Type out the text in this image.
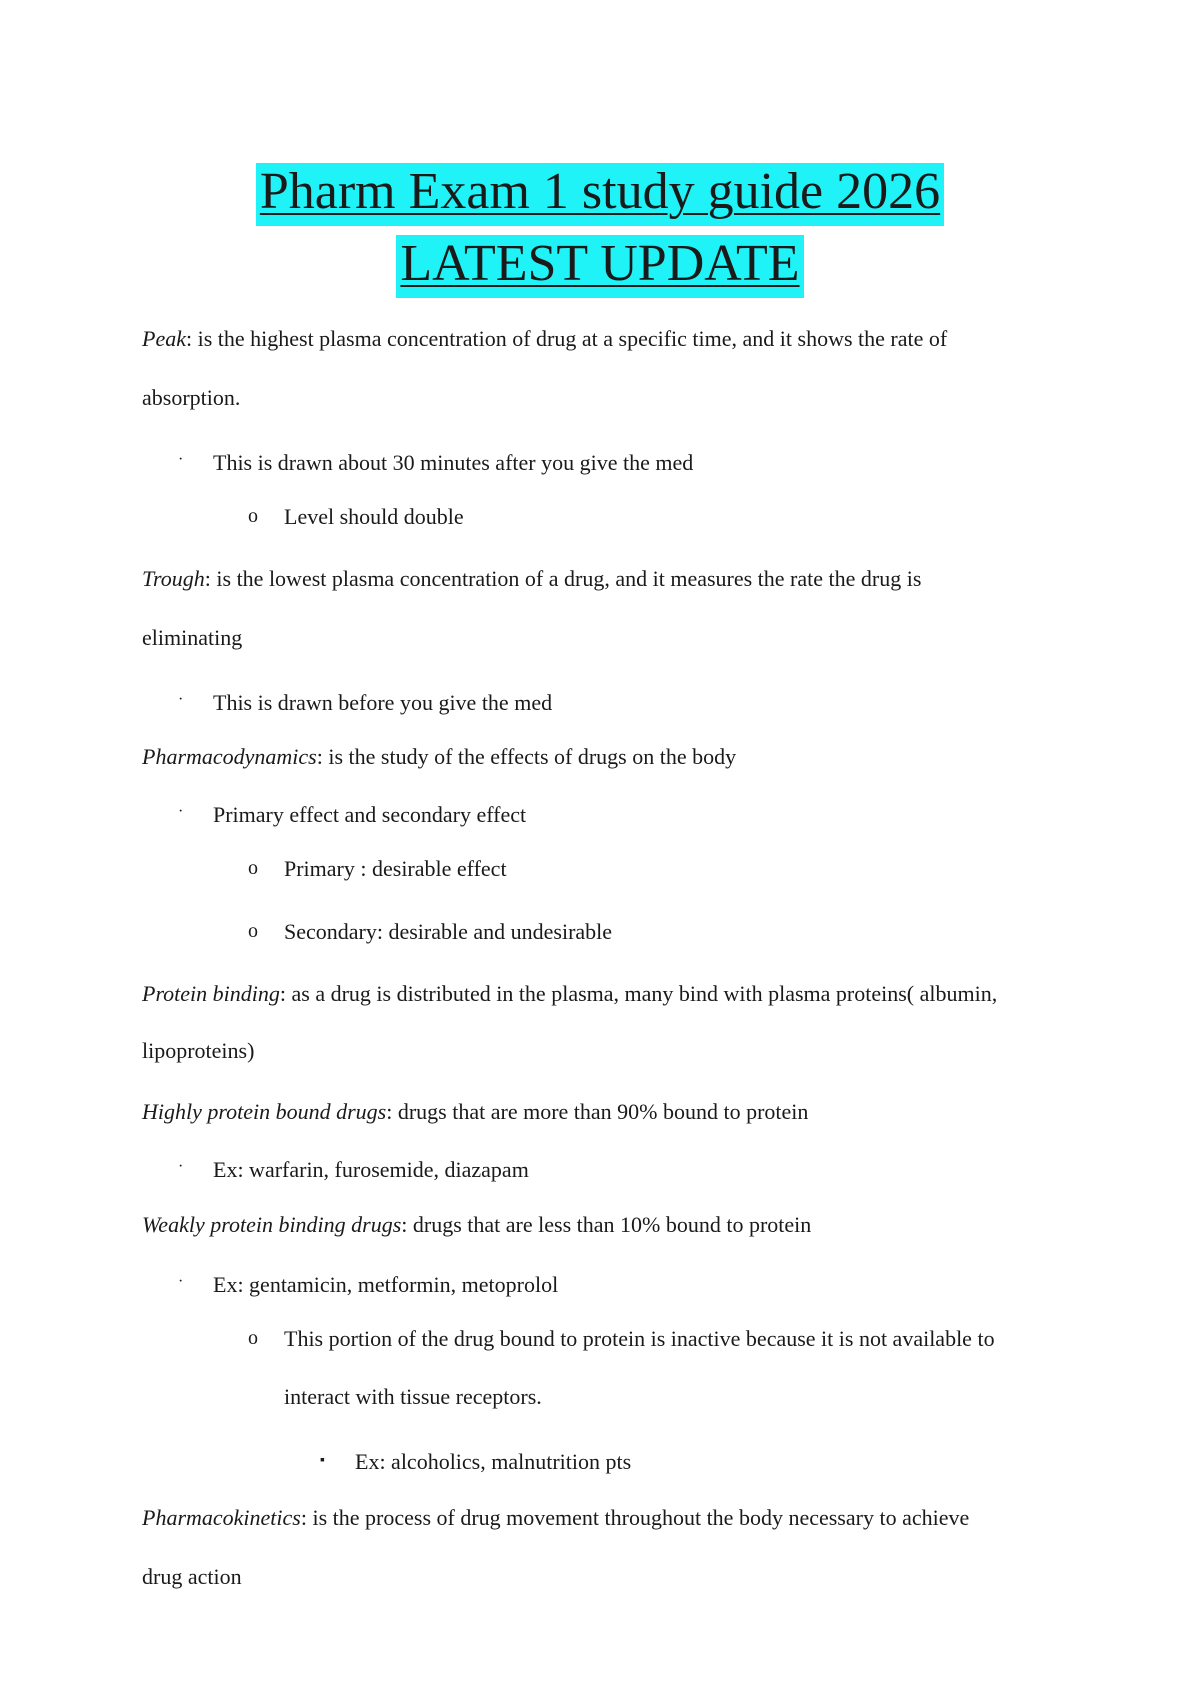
Pharm Exam 1 study guide 2026
LATEST UPDATE
Peak: is the highest plasma concentration of drug at a specific time, and it shows the rate of
absorption.
· This is drawn about 30 minutes after you give the med
o Level should double
Trough: is the lowest plasma concentration of a drug, and it measures the rate the drug is
eliminating
· This is drawn before you give the med
Pharmacodynamics: is the study of the effects of drugs on the body
· Primary effect and secondary effect
o Primary : desirable effect
o Secondary: desirable and undesirable
Protein binding: as a drug is distributed in the plasma, many bind with plasma proteins( albumin,
lipoproteins)
Highly protein bound drugs: drugs that are more than 90% bound to protein
· Ex: warfarin, furosemide, diazapam
Weakly protein binding drugs: drugs that are less than 10% bound to protein
· Ex: gentamicin, metformin, metoprolol
o This portion of the drug bound to protein is inactive because it is not available to
interact with tissue receptors.
▪ Ex: alcoholics, malnutrition pts
Pharmacokinetics: is the process of drug movement throughout the body necessary to achieve
drug action
